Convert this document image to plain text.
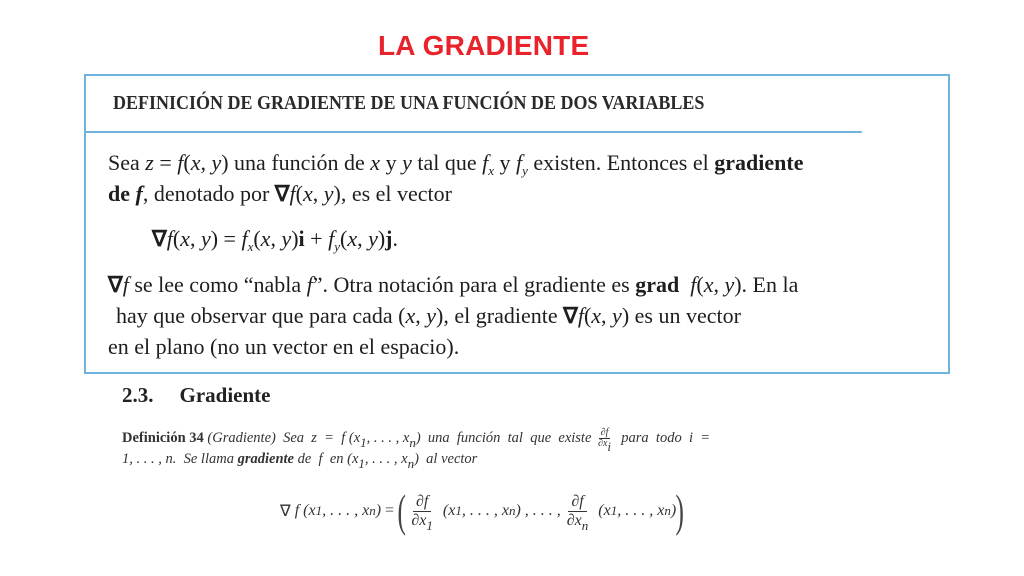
LA GRADIENTE
DEFINICIÓN DE GRADIENTE DE UNA FUNCIÓN DE DOS VARIABLES
Sea z = f(x, y) una función de x y y tal que $f_x$ y $f_y$ existen. Entonces el gradiente
de f, denotado por ∇f(x, y), es el vector
∇f(x, $y) = f_x(x$, $y)i + f_y(x$, y)j.
∇f se lee como “nabla f”. Otra notación para el gradiente es grad f(x, y). En la
hay que observar que para cada (x, y), el gradiente ∇f(x, y) es un vector
en el plano (no un vector en el espacio).
2.3. Gradiente
Definición 34 (Gradiente)  Sea  z  =  f ($x_1$, . . . , $x_n$)  una  función  tal  que  existe $\frac{\partial f}{\partial x_i}$ para  todo  i  =
1, . . . , n.  Se llama gradiente de  f  en ($x_1$, . . . , $x_n$)  al vector
∇ f (x 1 , . . . , x n ) = ( $\frac{\partial f}{\partial x_1} (x$ 1 , . . . , x n ) , . . . , $\frac{\partial f}{\partial x_n} (x$ 1 , . . . , x n ) )
